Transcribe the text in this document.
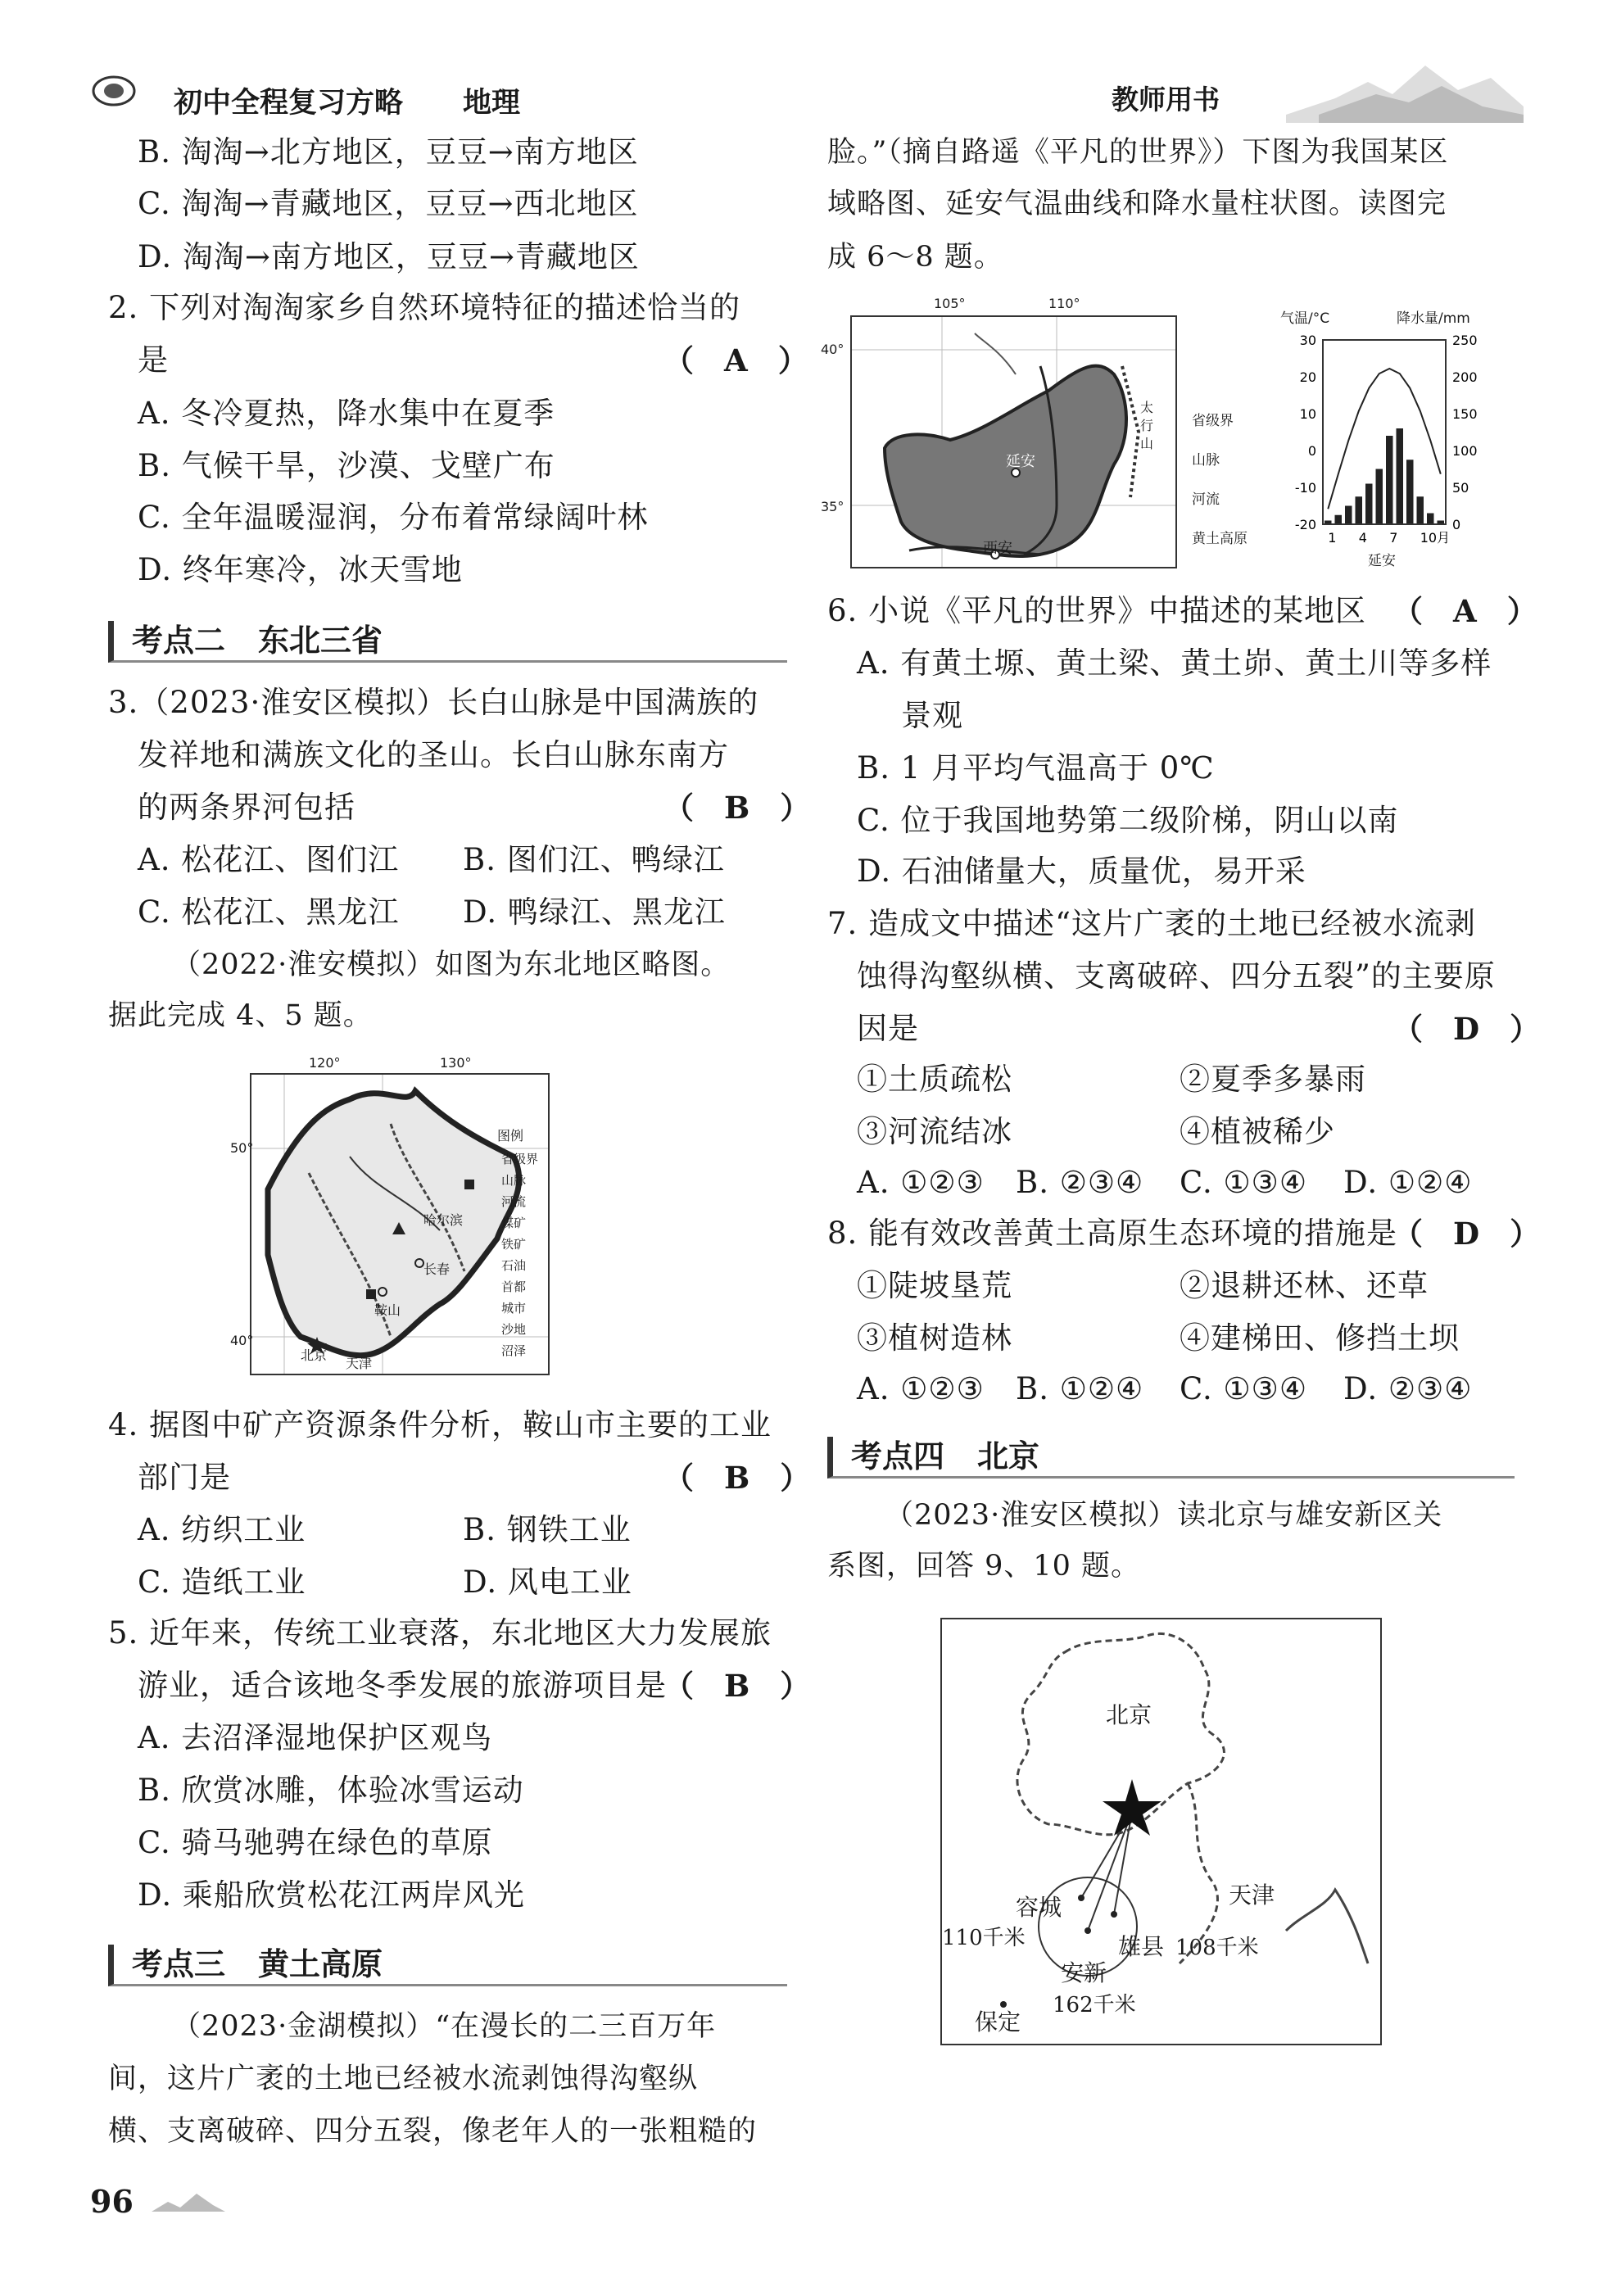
初中全程复习方略 地理	教师用书
B. 淘淘→北方地区，豆豆→南方地区
C. 淘淘→青藏地区，豆豆→西北地区
D. 淘淘→南方地区，豆豆→青藏地区
2. 下列对淘淘家乡自然环境特征的描述恰当的
是	（　A　）
A. 冬冷夏热，降水集中在夏季
B. 气候干旱，沙漠、戈壁广布
C. 全年温暖湿润，分布着常绿阔叶林
D. 终年寒冷，冰天雪地
考点二 东北三省
3.（2023·淮安区模拟）长白山脉是中国满族的
发祥地和满族文化的圣山。长白山脉东南方
的两条界河包括	（　B　）
A. 松花江、图们江 B. 图们江、鸭绿江
C. 松花江、黑龙江 D. 鸭绿江、黑龙江
（2022·淮安模拟）如图为东北地区略图。
据此完成 4、5 题。
120°	130°
50°
40°
哈尔滨
长春
鞍山
北京
天津
图例
省级界
山脉
河流
煤矿
铁矿
石油
首都
城市
沙地
沼泽
4. 据图中矿产资源条件分析，鞍山市主要的工业
部门是	（　B　）
A. 纺织工业	B. 钢铁工业
C. 造纸工业	D. 风电工业
5. 近年来，传统工业衰落，东北地区大力发展旅
游业，适合该地冬季发展的旅游项目是
（　B　）
A. 去沼泽湿地保护区观鸟
B. 欣赏冰雕，体验冰雪运动
C. 骑马驰骋在绿色的草原
D. 乘船欣赏松花江两岸风光
考点三 黄土高原
（2023·金湖模拟）“在漫长的二三百万年
间，这片广袤的土地已经被水流剥蚀得沟壑纵
横、支离破碎、四分五裂，像老年人的一张粗糙的
96
脸。”（摘自路遥《平凡的世界》）下图为我国某区
域略图、延安气温曲线和降水量柱状图。读图完
成 6～8 题。
105°	110°
40°
35°
延安
西安
太行山
省级界
山脉
河流
黄土高原
30	250
20	200
10	150
0	100
-10	50
-20	0
1 4 7 10月
气温/°C	降水量/mm
延安
6. 小说《平凡的世界》中描述的某地区 （　A　）
A. 有黄土塬、黄土梁、黄土峁、黄土川等多样
景观
B. 1 月平均气温高于 0℃
C. 位于我国地势第二级阶梯，阴山以南
D. 石油储量大，质量优，易开采
7. 造成文中描述“这片广袤的土地已经被水流剥
蚀得沟壑纵横、支离破碎、四分五裂”的主要原
因是	（　D　）
①土质疏松	②夏季多暴雨
③河流结冰	④植被稀少
A. ①②③ B. ②③④ C. ①③④ D. ①②④
8. 能有效改善黄土高原生态环境的措施是
（　D　）
①陡坡垦荒	②退耕还林、还草
③植树造林	④建梯田、修挡土坝
A. ①②③ B. ①②④ C. ①③④ D. ②③④
考点四 北京
（2023·淮安区模拟）读北京与雄安新区关
系图，回答 9、10 题。
北京
天津
容城
雄县
安新
保定
110千米	108千米
162千米
